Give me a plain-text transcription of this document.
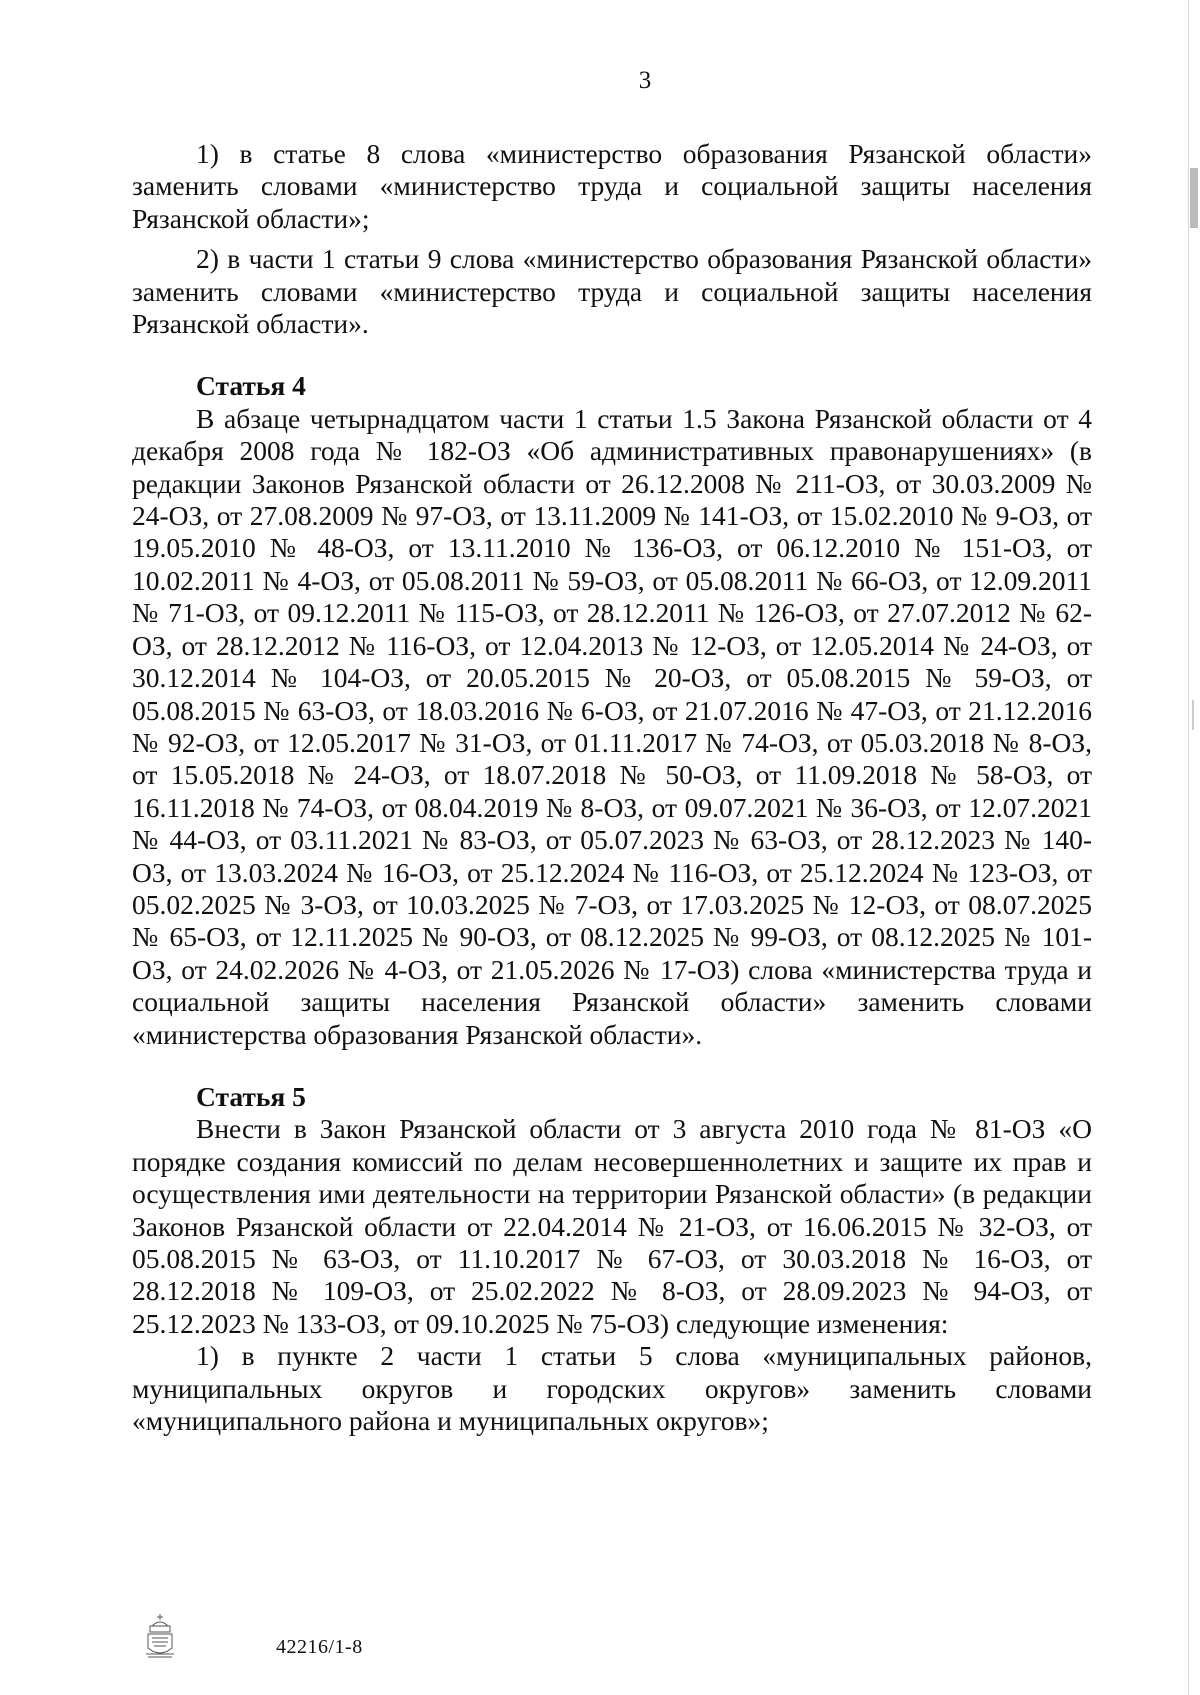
3

1) в статье 8 слова «министерство образования Рязанской области» заменить словами «министерство труда и социальной защиты населения Рязанской области»;

2) в части 1 статьи 9 слова «министерство образования Рязанской области» заменить словами «министерство труда и социальной защиты населения Рязанской области».

Статья 4

В абзаце четырнадцатом части 1 статьи 1.5 Закона Рязанской области от 4 декабря 2008 года № 182-ОЗ «Об административных правонарушениях» (в редакции Законов Рязанской области от 26.12.2008 № 211-ОЗ, от 30.03.2009 № 24-ОЗ, от 27.08.2009 № 97-ОЗ, от 13.11.2009 № 141-ОЗ, от 15.02.2010 № 9-ОЗ, от 19.05.2010 № 48-ОЗ, от 13.11.2010 № 136-ОЗ, от 06.12.2010 № 151-ОЗ, от 10.02.2011 № 4-ОЗ, от 05.08.2011 № 59-ОЗ, от 05.08.2011 № 66-ОЗ, от 12.09.2011 № 71-ОЗ, от 09.12.2011 № 115-ОЗ, от 28.12.2011 № 126-ОЗ, от 27.07.2012 № 62-ОЗ, от 28.12.2012 № 116-ОЗ, от 12.04.2013 № 12-ОЗ, от 12.05.2014 № 24-ОЗ, от 30.12.2014 № 104-ОЗ, от 20.05.2015 № 20-ОЗ, от 05.08.2015 № 59-ОЗ, от 05.08.2015 № 63-ОЗ, от 18.03.2016 № 6-ОЗ, от 21.07.2016 № 47-ОЗ, от 21.12.2016 № 92-ОЗ, от 12.05.2017 № 31-ОЗ, от 01.11.2017 № 74-ОЗ, от 05.03.2018 № 8-ОЗ, от 15.05.2018 № 24-ОЗ, от 18.07.2018 № 50-ОЗ, от 11.09.2018 № 58-ОЗ, от 16.11.2018 № 74-ОЗ, от 08.04.2019 № 8-ОЗ, от 09.07.2021 № 36-ОЗ, от 12.07.2021 № 44-ОЗ, от 03.11.2021 № 83-ОЗ, от 05.07.2023 № 63-ОЗ, от 28.12.2023 № 140-ОЗ, от 13.03.2024 № 16-ОЗ, от 25.12.2024 № 116-ОЗ, от 25.12.2024 № 123-ОЗ, от 05.02.2025 № 3-ОЗ, от 10.03.2025 № 7-ОЗ, от 17.03.2025 № 12-ОЗ, от 08.07.2025 № 65-ОЗ, от 12.11.2025 № 90-ОЗ, от 08.12.2025 № 99-ОЗ, от 08.12.2025 № 101-ОЗ, от 24.02.2026 № 4-ОЗ, от 21.05.2026 № 17-ОЗ) слова «министерства труда и социальной защиты населения Рязанской области» заменить словами «министерства образования Рязанской области».

Статья 5

Внести в Закон Рязанской области от 3 августа 2010 года № 81-ОЗ «О порядке создания комиссий по делам несовершеннолетних и защите их прав и осуществления ими деятельности на территории Рязанской области» (в редакции Законов Рязанской области от 22.04.2014 № 21-ОЗ, от 16.06.2015 № 32-ОЗ, от 05.08.2015 № 63-ОЗ, от 11.10.2017 № 67-ОЗ, от 30.03.2018 № 16-ОЗ, от 28.12.2018 № 109-ОЗ, от 25.02.2022 № 8-ОЗ, от 28.09.2023 № 94-ОЗ, от 25.12.2023 № 133-ОЗ, от 09.10.2025 № 75-ОЗ) следующие изменения:

1) в пункте 2 части 1 статьи 5 слова «муниципальных районов, муниципальных округов и городских округов» заменить словами «муниципального района и муниципальных округов»;

42216/1-8
